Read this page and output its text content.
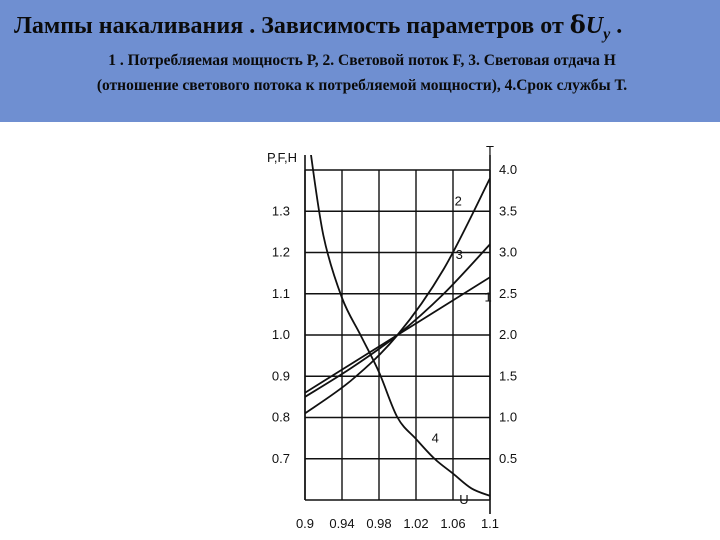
Лампы накаливания . Зависимость параметров от $\delta U_у$ .
1 . Потребляемая мощность P, 2. Световой поток F, 3. Световая отдача Н
(отношение светового потока к потребляемой мощности), 4.Срок службы Т.
0.7
0.8
0.9
1.0
1.1
1.2
1.3
0.5
1.0
1.5
2.0
2.5
3.0
3.5
4.0
0.9 0.94 0.98 1.02 1.06 1.1
P,F,H	T
U
1
2
3
4
